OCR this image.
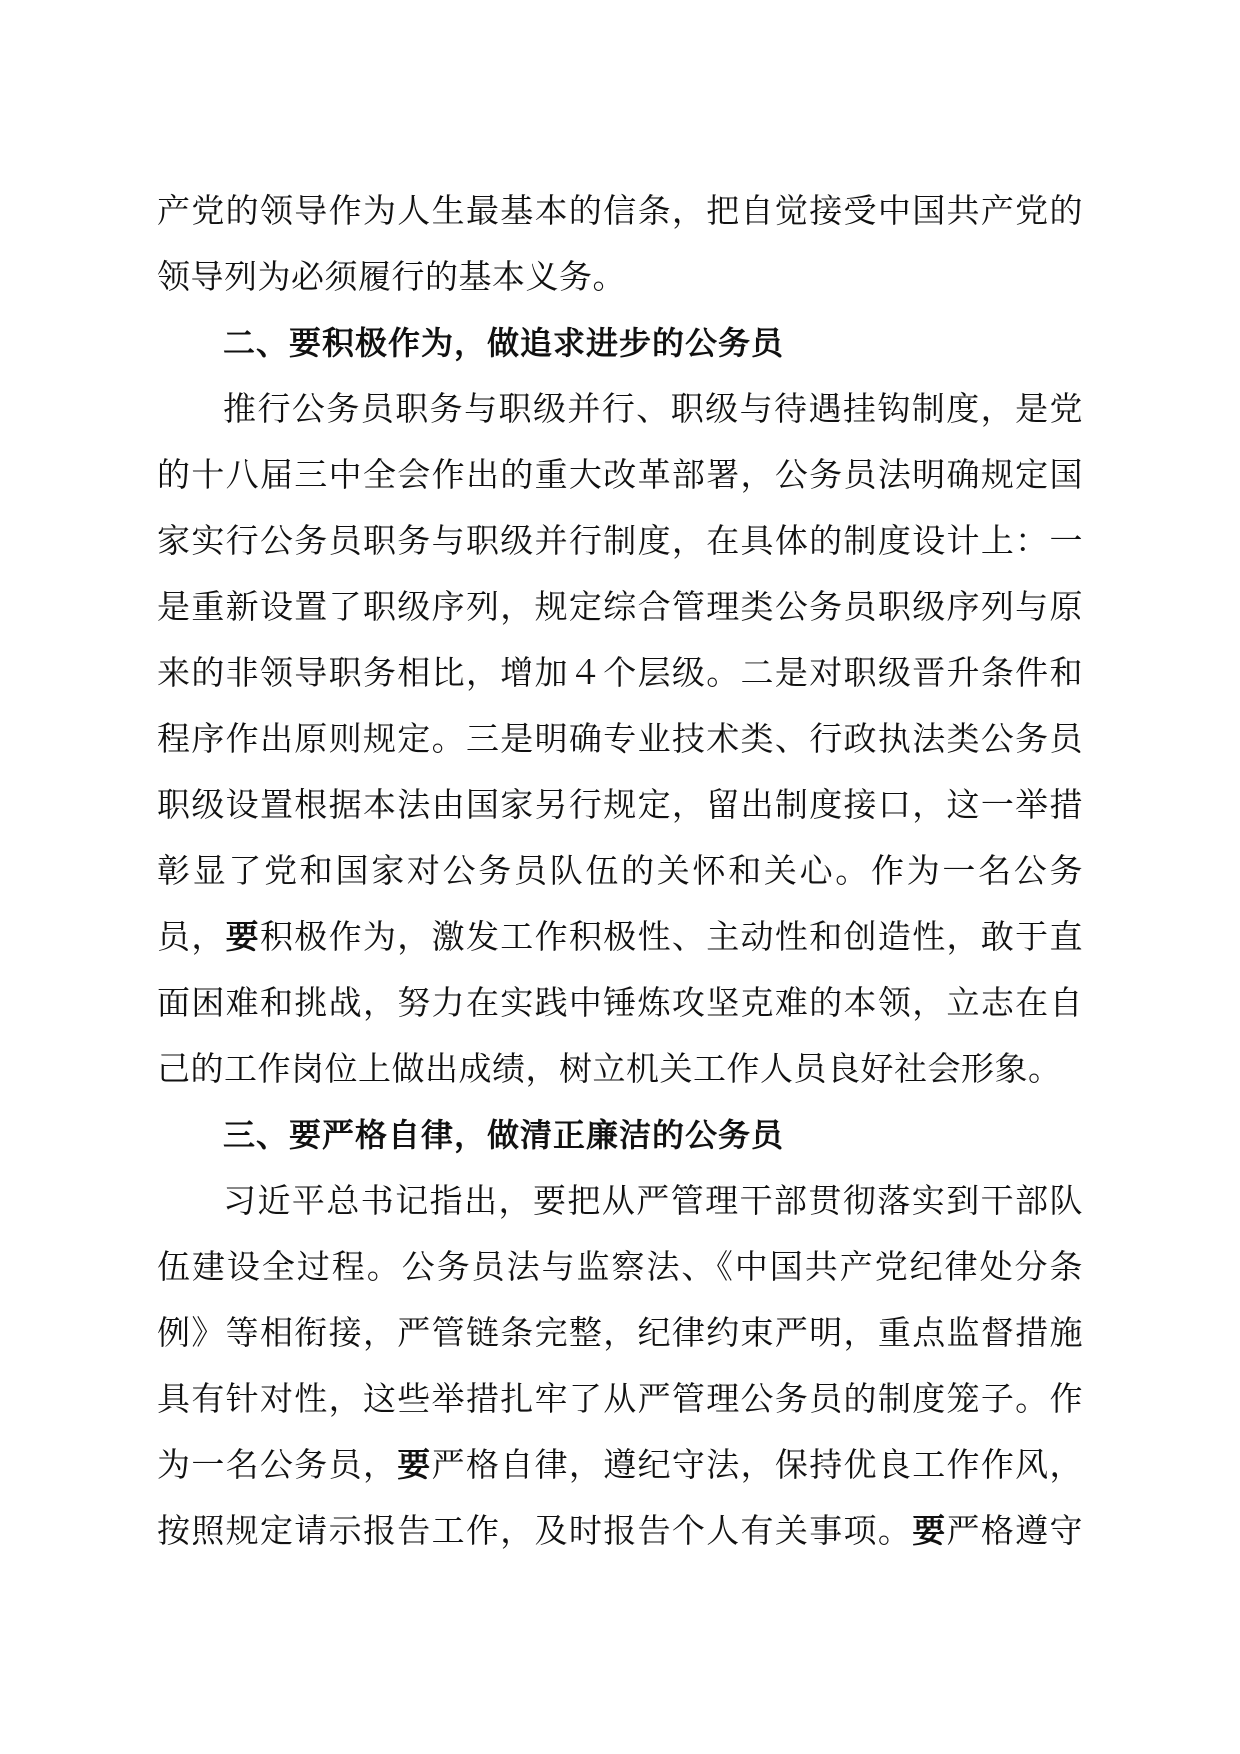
产党的领导作为人生最基本的信条，把自觉接受中国共产党的
领导列为必须履行的基本义务。
二、要积极作为，做追求进步的公务员
推行公务员职务与职级并行、职级与待遇挂钩制度，是党
的十八届三中全会作出的重大改革部署，公务员法明确规定国
家实行公务员职务与职级并行制度，在具体的制度设计上：一
是重新设置了职级序列，规定综合管理类公务员职级序列与原
来的非领导职务相比，增加４个层级。二是对职级晋升条件和
程序作出原则规定。三是明确专业技术类、行政执法类公务员
职级设置根据本法由国家另行规定，留出制度接口，这一举措
彰显了党和国家对公务员队伍的关怀和关心。作为一名公务
员，要积极作为，激发工作积极性、主动性和创造性，敢于直
面困难和挑战，努力在实践中锤炼攻坚克难的本领，立志在自
己的工作岗位上做出成绩，树立机关工作人员良好社会形象。
三、要严格自律，做清正廉洁的公务员
习近平总书记指出，要把从严管理干部贯彻落实到干部队
伍建设全过程。公务员法与监察法、《中国共产党纪律处分条
例》等相衔接，严管链条完整，纪律约束严明，重点监督措施
具有针对性，这些举措扎牢了从严管理公务员的制度笼子。作
为一名公务员，要严格自律，遵纪守法，保持优良工作作风，
按照规定请示报告工作，及时报告个人有关事项。要严格遵守
